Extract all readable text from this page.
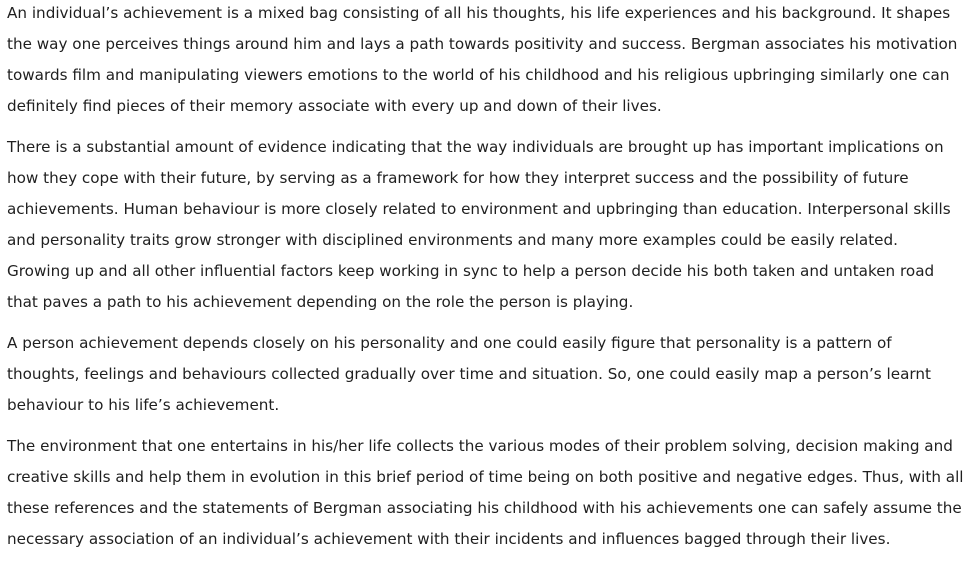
An individual’s achievement is a mixed bag consisting of all his thoughts, his life experiences and his background. It shapes the way one perceives things around him and lays a path towards positivity and success. Bergman associates his motivation towards film and manipulating viewers emotions to the world of his childhood and his religious upbringing similarly one can definitely find pieces of their memory associate with every up and down of their lives.

There is a substantial amount of evidence indicating that the way individuals are brought up has important implications on how they cope with their future, by serving as a framework for how they interpret success and the possibility of future achievements. Human behaviour is more closely related to environment and upbringing than education. Interpersonal skills and personality traits grow stronger with disciplined environments and many more examples could be easily related. Growing up and all other influential factors keep working in sync to help a person decide his both taken and untaken road that paves a path to his achievement depending on the role the person is playing.

A person achievement depends closely on his personality and one could easily figure that personality is a pattern of thoughts, feelings and behaviours collected gradually over time and situation. So, one could easily map a person’s learnt behaviour to his life’s achievement.

The environment that one entertains in his/her life collects the various modes of their problem solving, decision making and creative skills and help them in evolution in this brief period of time being on both positive and negative edges. Thus, with all these references and the statements of Bergman associating his childhood with his achievements one can safely assume the necessary association of an individual’s achievement with their incidents and influences bagged through their lives.
